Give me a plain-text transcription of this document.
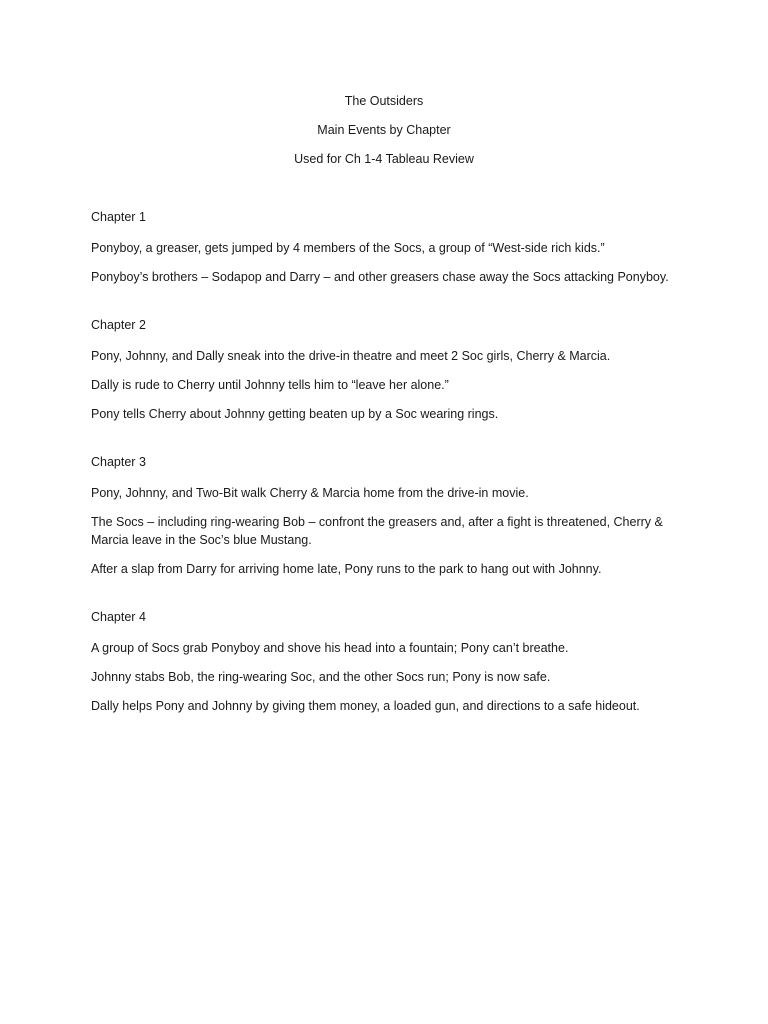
The Outsiders
Main Events by Chapter
Used for Ch 1-4 Tableau Review
Chapter 1
Ponyboy, a greaser, gets jumped by 4 members of the Socs, a group of “West-side rich kids.”
Ponyboy’s brothers – Sodapop and Darry – and other greasers chase away the Socs attacking Ponyboy.
Chapter 2
Pony, Johnny, and Dally sneak into the drive-in theatre and meet 2 Soc girls, Cherry & Marcia.
Dally is rude to Cherry until Johnny tells him to “leave her alone.”
Pony tells Cherry about Johnny getting beaten up by a Soc wearing rings.
Chapter 3
Pony, Johnny, and Two-Bit walk Cherry & Marcia home from the drive-in movie.
The Socs – including ring-wearing Bob – confront the greasers and, after a fight is threatened, Cherry & Marcia leave in the Soc’s blue Mustang.
After a slap from Darry for arriving home late, Pony runs to the park to hang out with Johnny.
Chapter 4
A group of Socs grab Ponyboy and shove his head into a fountain; Pony can’t breathe.
Johnny stabs Bob, the ring-wearing Soc, and the other Socs run; Pony is now safe.
Dally helps Pony and Johnny by giving them money, a loaded gun, and directions to a safe hideout.
